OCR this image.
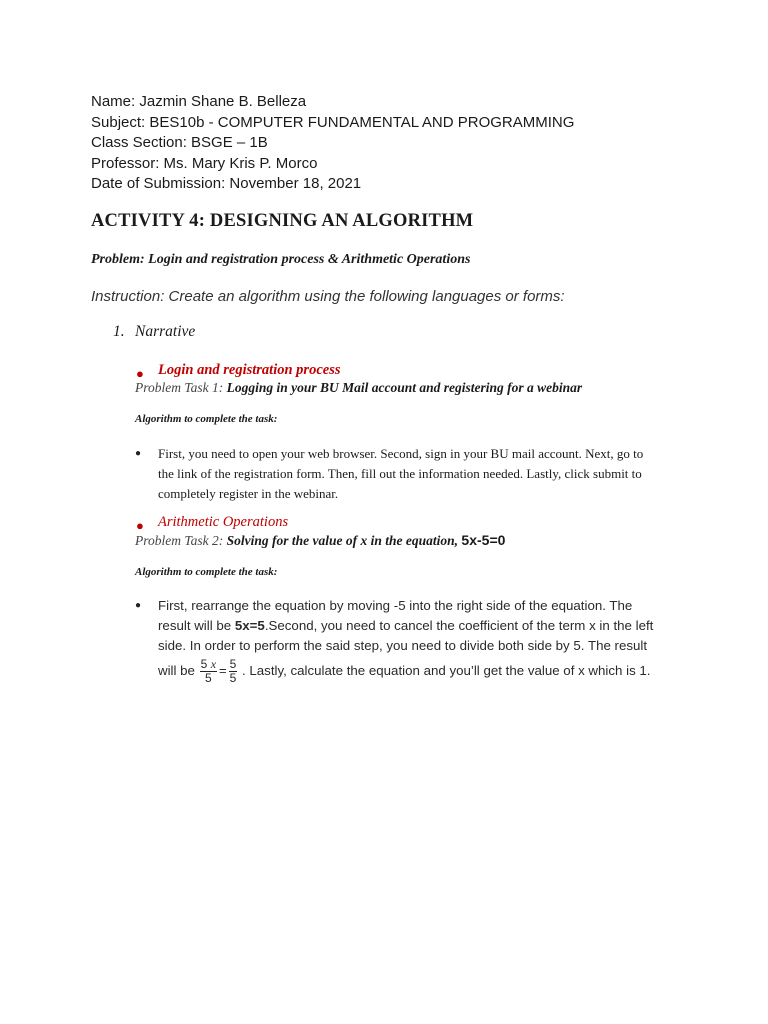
Name: Jazmin Shane B. Belleza
Subject: BES10b - COMPUTER FUNDAMENTAL AND PROGRAMMING
Class Section: BSGE – 1B
Professor: Ms. Mary Kris P. Morco
Date of Submission: November 18, 2021
ACTIVITY 4: DESIGNING AN ALGORITHM
Problem: Login and registration process & Arithmetic Operations
Instruction: Create an algorithm using the following languages or forms:
1. Narrative
● Login and registration process
Problem Task 1: Logging in your BU Mail account and registering for a webinar
Algorithm to complete the task:
● First, you need to open your web browser. Second, sign in your BU mail account. Next, go to
the link of the registration form. Then, fill out the information needed. Lastly, click submit to
completely register in the webinar.
● Arithmetic Operations
Problem Task 2: Solving for the value of x in the equation, 5x-5=0
Algorithm to complete the task:
● First, rearrange the equation by moving -5 into the right side of the equation. The
result will be 5x=5.Second, you need to cancel the coefficient of the term x in the left
side. In order to perform the said step, you need to divide both side by 5. The result
will be $\frac{5 x}{5} = \frac{5}{5}$ . Lastly, calculate the equation and you’ll get the value of x which is 1.
